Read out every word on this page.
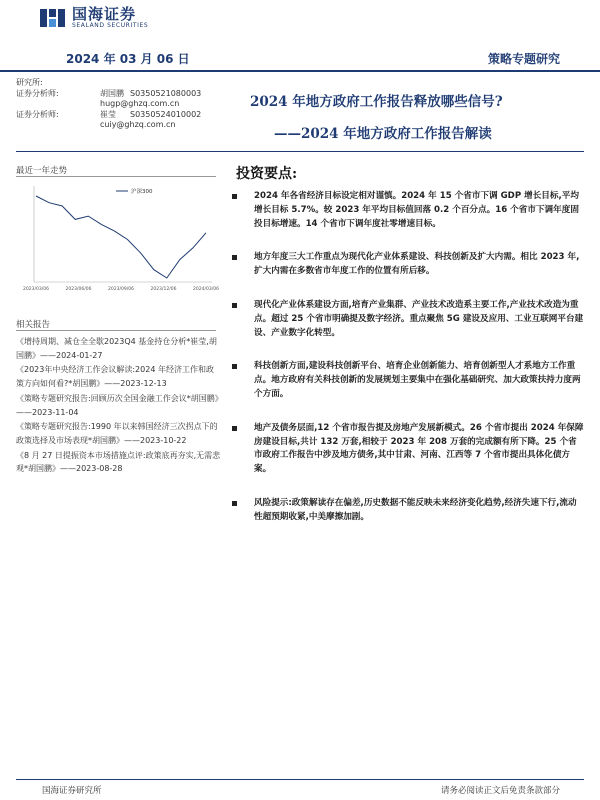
国海证券
SEALAND SECURITIES
2024 年 03 月 06 日	策略专题研究
研究所:
证券分析师:	胡国鹏 S0350521080003
hugp@ghzq.com.cn
证券分析师:	崔莹	S0350524010002
cuiy@ghzq.com.cn
2024 年地方政府工作报告释放哪些信号?
——2024 年地方政府工作报告解读
最近一年走势
沪深300
2023/03/06	2023/06/06	2023/09/06	2023/12/06	2024/03/06
相关报告
《增持周期、减仓全全歇2023Q4 基金持仓分析*崔莹,胡国鹏》——2024-01-27
《2023年中央经济工作会议解读:2024 年经济工作和政策方向如何看?*胡国鹏》——2023-12-13
《策略专题研究报告:回顾历次全国金融工作会议*胡国鹏》——2023-11-04
《策略专题研究报告:1990 年以来韩国经济三次拐点下的政策选择及市场表现*胡国鹏》——2023-10-22
《8 月 27 日提振资本市场措施点评:政策底再夯实,无需悲观*胡国鹏》——2023-08-28
投资要点:
2024 年各省经济目标设定相对谨慎。2024 年 15 个省市下调 GDP 增长目标,平均增长目标 5.7%。较 2023 年平均目标值回落 0.2 个百分点。16 个省市下调年度固投目标增速。14 个省市下调年度社零增速目标。
地方年度三大工作重点为现代化产业体系建设、科技创新及扩大内需。相比 2023 年,扩大内需在多数省市年度工作的位置有所后移。
现代化产业体系建设方面,培育产业集群、产业技术改造系主要工作,产业技术改造为重点。超过 25 个省市明确提及数字经济。重点聚焦 5G 建设及应用、工业互联网平台建设、产业数字化转型。
科技创新方面,建设科技创新平台、培育企业创新能力、培育创新型人才系地方工作重点。地方政府有关科技创新的发展规划主要集中在强化基础研究、加大政策扶持力度两个方面。
地产及债务层面,12 个省市报告提及房地产发展新模式。26 个省市提出 2024 年保障房建设目标,共计 132 万套,相较于 2023 年 208 万套的完成额有所下降。25 个省市政府工作报告中涉及地方债务,其中甘肃、河南、江西等 7 个省市提出具体化债方案。
风险提示:政策解读存在偏差,历史数据不能反映未来经济变化趋势,经济失速下行,流动性超预期收紧,中美摩擦加剧。
国海证券研究所	请务必阅读正文后免责条款部分
